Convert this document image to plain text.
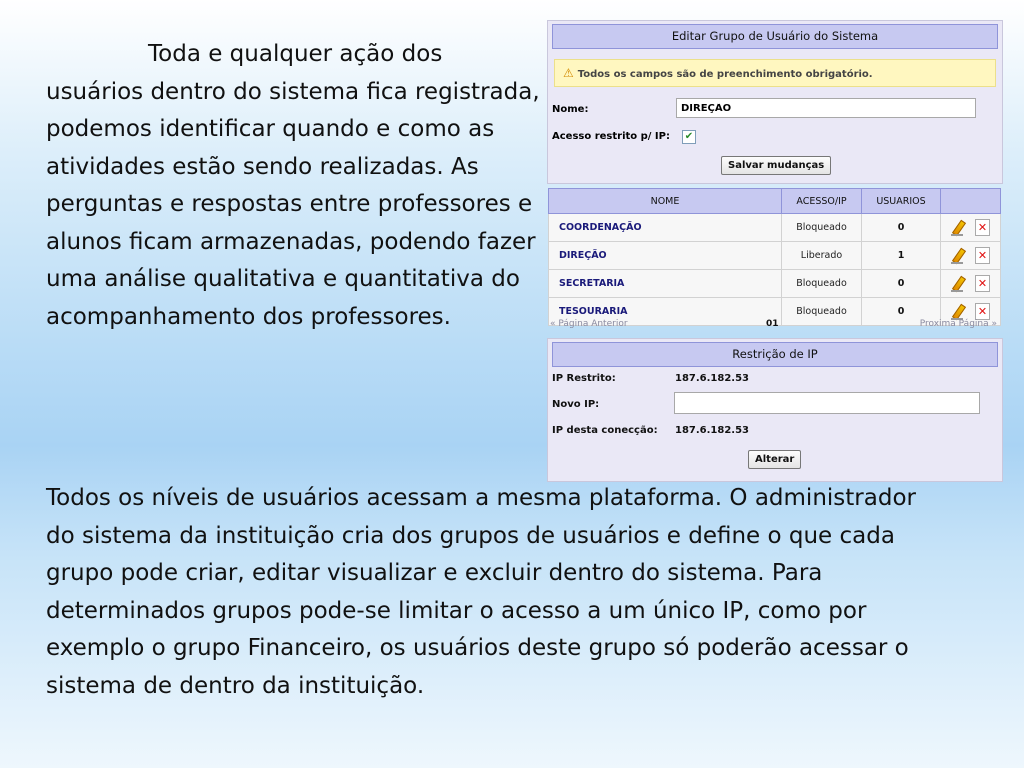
Toda e qualquer ação dos usuários dentro do sistema fica registrada, podemos identificar quando e como as atividades estão sendo realizadas. As perguntas e respostas entre professores e alunos ficam armazenadas, podendo fazer uma análise qualitativa e quantitativa do acompanhamento dos professores.

Editar Grupo de Usuário do Sistema
⚠ Todos os campos são de preenchimento obrigatório.
Nome:
DIREÇÃO
Acesso restrito p/ IP: ✔
Salvar mudanças
NOME	ACESSO/IP	USUARIOS	
COORDENAÇÃO	Bloqueado	0	✕
DIREÇÃO	Liberado	1	✕
SECRETARIA	Bloqueado	0	✕
TESOURARIA	Bloqueado	0	✕
« Página Anterior	01	Proxima Página »
Restrição de IP
IP Restrito:	187.6.182.53
Novo IP:
IP desta conecção: 187.6.182.53
Alterar

Todos os níveis de usuários acessam a mesma plataforma. O administrador do sistema da instituição cria dos grupos de usuários e define o que cada grupo pode criar, editar visualizar e excluir dentro do sistema. Para determinados grupos pode-se limitar o acesso a um único IP, como por exemplo o grupo Financeiro, os usuários deste grupo só poderão acessar o sistema de dentro da instituição.
